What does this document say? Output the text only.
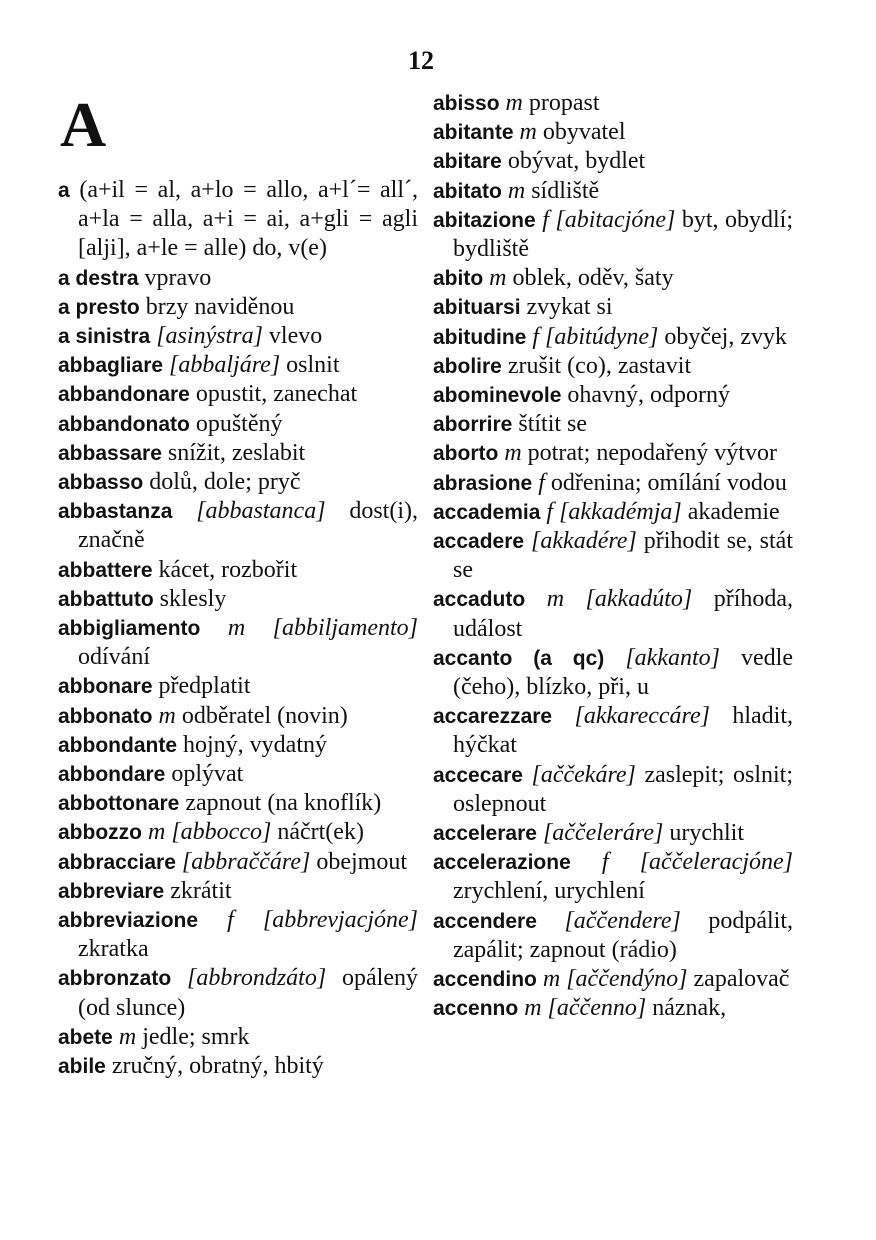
12
A

a (a+il = al, a+lo = allo, a+l´= all´, a+la = alla, a+i = ai, a+gli = agli [alji], a+le = alle) do, v(e)

a destra vpravo

a presto brzy naviděnou

a sinistra [asinýstra] vlevo

abbagliare [abbaljáre] oslnit

abbandonare opustit, zanechat

abbandonato opuštěný

abbassare snížit, zeslabit

abbasso dolů, dole; pryč

abbastanza [abbastanca] dost(i), značně

abbattere kácet, rozbořit

abbattuto sklesly

abbigliamento m [abbiljamento] odívání

abbonare předplatit

abbonato m odběratel (novin)

abbondante hojný, vydatný

abbondare oplývat

abbottonare zapnout (na knoflík)

abbozzo m [abbocco] náčrt(ek)

abbracciare [abbraččáre] obejmout

abbreviare zkrátit

abbreviazione f [abbrevjacjóne] zkratka

abbronzato [abbrondzáto] opálený (od slunce)

abete m jedle; smrk

abile zručný, obratný, hbitý

abisso m propast

abitante m obyvatel

abitare obývat, bydlet

abitato m sídliště

abitazione f [abitacjóne] byt, obydlí; bydliště

abito m oblek, oděv, šaty

abituarsi zvykat si

abitudine f [abitúdyne] obyčej, zvyk

abolire zrušit (co), zastavit

abominevole ohavný, odporný

aborrire štítit se

aborto m potrat; nepodařený výtvor

abrasione f odřenina; omílání vodou

accademia f [akkadémja] akademie

accadere [akkadére] přihodit se, stát se

accaduto m [akkadúto] příhoda, událost

accanto (a qc) [akkanto] vedle (čeho), blízko, při, u

accarezzare [akkareccáre] hladit, hýčkat

accecare [aččekáre] zaslepit; oslnit; oslepnout

accelerare [aččeleráre] urychlit

accelerazione f [aččeleracjóne] zrychlení, urychlení

accendere [aččendere] podpálit, zapálit; zapnout (rádio)

accendino m [aččendýno] zapalovač

accenno m [aččenno] náznak,
